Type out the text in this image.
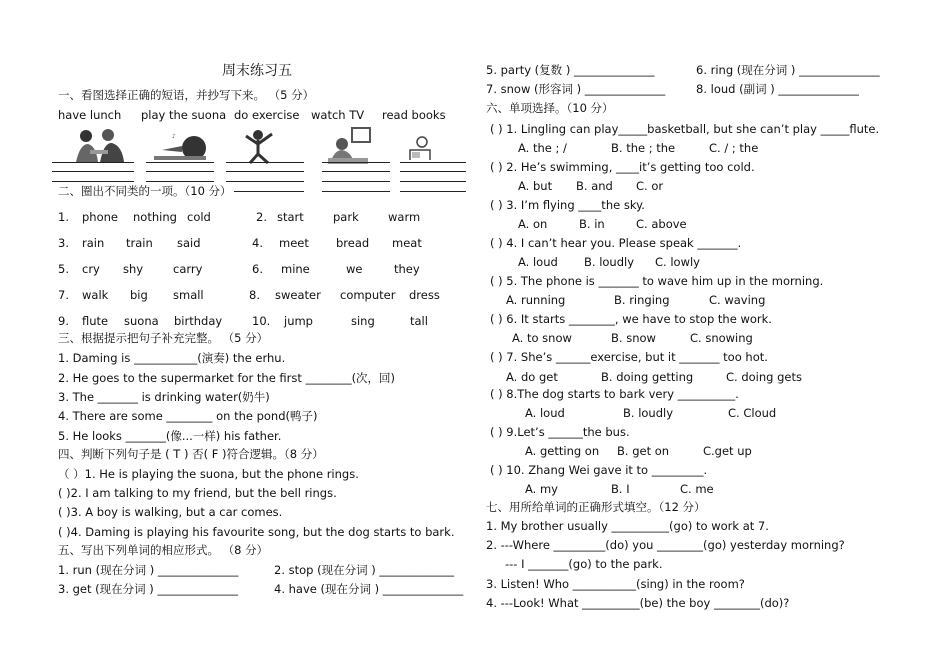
周末练习五
一、看图选择正确的短语，并抄写下来。 （5 分）
have lunch play the suona do exercise watch TV read books
♪
二、圈出不同类的一项。（10 分）
1. phone nothing cold	2. start	park	warm
3. rain train said	4. meet bread meat
5. cry shy	carry	6. mine	we	they
7. walk big small	8. sweater computer dress
9. flute suona birthday	10. jump	sing	tall
三、根据提示把句子补充完整。 （5 分）
1. Daming is ___________(演奏) the erhu.
2. He goes to the supermarket for the first ________(次，回)
3. The _______ is drinking water(奶牛)
4. There are some ________ on the pond(鸭子)
5. He looks _______(像...一样) his father.
四、判断下列句子是 ( T ) 否( F )符合逻辑。（8 分）
（ ）1. He is playing the suona, but the phone rings.
( )2. I am talking to my friend, but the bell rings.
( )3. A boy is walking, but a car comes.
( )4. Daming is playing his favourite song, but the dog starts to bark.
五、写出下列单词的相应形式。 （8 分）
1. run (现在分词 ) ______________	2. stop (现在分词 ) _____________
3. get (现在分词 ) ______________	4. have (现在分词 ) ______________
5. party (复数 ) ______________	6. ring (现在分词 ) ______________
7. snow (形容词 ) ______________	8. loud (副词 ) ______________
六、单项选择。（10 分）
( ) 1. Lingling can play_____basketball, but she can’t play _____flute.
A. the ; /	B. the ; the	C. / ; the
( ) 2. He’s swimming, ____it’s getting too cold.
A. but B. and C. or
( ) 3. I’m flying ____the sky.
A. on	B. in	C. above
( ) 4. I can’t hear you. Please speak _______.
A. loud B. loudly C. lowly
( ) 5. The phone is _______ to wave him up in the morning.
A. running	B. ringing	C. waving
( ) 6. It starts ________, we have to stop the work.
A. to snow	B. snow	C. snowing
( ) 7. She’s ______exercise, but it _______ too hot.
A. do get	B. doing getting	C. doing gets
( ) 8.The dog starts to bark very __________.
A. loud	B. loudly	C. Cloud
( ) 9.Let’s ______the bus.
A. getting on B. get on	C.get up
( ) 10. Zhang Wei gave it to _________.
A. my	B. I	C. me
七、用所给单词的正确形式填空。（12 分）
1. My brother usually __________(go) to work at 7.
2. ---Where _________(do) you ________(go) yesterday morning?
--- I _______(go) to the park.
3. Listen! Who ___________(sing) in the room?
4. ---Look! What __________(be) the boy ________(do)?
